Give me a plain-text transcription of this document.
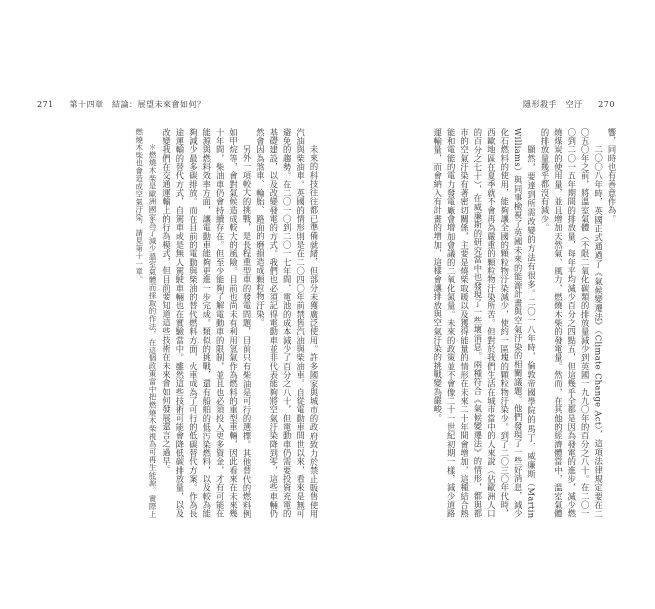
271 第十四章　結論：展望未來會如何？	隱形殺手　空汙 270

響，同時也有善意作為。

二〇〇八年時，英國正式通過了《氣候變遷法》（Climate Change Act），這項法律規定要在二〇五〇年之前，將溫室氣體（不限二氧化碳類的排放量減少到英國一九九〇年的百分之八十。在二〇一〇到二〇一五年期間的排放量，每年平均減少百分之四點五，但這幾乎全都是因為發電的進步，減少燃燒煤炭的使用量，並且增加天然氣、風力、燃燒木柴的發電量。然而，在其他的經濟體當中，溫室氣體的排放量幾乎都沒有減少。

顯然，要達到所需改變的方法有很多。二〇一八年時，倫敦帝國學院的馬丁．威廉斯（Martin Williams）與同事檢視了英國未來的能源計畫與空氣汙染的相關議題。他們發現了一些好消息，減少化石燃料的使用，能夠讓全國的顆粒物汙染減少，使約一區塊的顆粒物汙染少。到了二〇三〇年代時，西歐地區在夏季就不會再為嚴重的顆粒物汙染所苦。但對於我們生活在城市當中的人來說（佔歐洲人口的百分之七十），在威廉斯的研究當中也發現了一些壞消息。兩種符合《氣候變遷法》的情形，都與都市的空氣汙染有著密切關係，主要是燒柴取暖以及獲得能量的情形在未來二十年間會增加，這種結合熱能和電能的電力發電廠會增加會議的二氧化氮量。未來的政策並不會像二十一世紀初期一樣，減少道路運輸量，而會納入有計畫的增加，這樣會讓排放與空氣汙染的挑戰變為嚴峻。

未來的科技往往都已準備就緒，但部分未獲廣泛使用。許多國家與城市的政府致力於禁止販售使用汽油與柴油車。英國的情形則是在二〇四〇年前禁售汽油與柴油車。自從電動車問世以來，看來是無可避免的趨勢。在二〇一〇到二〇一七年間，電池的成本減少了百分之八十，但電動車仍需要投資充電的基礎建設，以及改變發電的方式。我們也必須記得電動車並非代表能夠將空氣汙染降到零，這些車輛仍然會因為煞車、輪胎、路面的磨損造成顆粒物汙染。

另外一項較大的挑戰，是長程重型車的發電問題，目前只有柴油是可行的選擇。其他替代的燃料例如甲烷等，會對氣候造成較大的風險。目前也尚未有利用氫氣作為燃料的重型車輛，因此看來在未來幾十年間，柴油車仍會持續存在。但至少能夠了解電動車的限制，並且也必須投入更多資金，才有可能在能源與燃料效率方面，讓電動車能夠更進一步完成。類似的挑戰，還有船舶的低污染燃料，以及較為能夠減少最多碳排放。而在目前的電動與柴油的替代燃料方面，火車成為了可行的低碳替代方案。作為長途運輸的替代方式，自駕車或是無人駕駛車輛也在實驗當中。雖然這些技術可能會降低碳排放量，以及改變我們在交通運輸上的行為模式，但目前要知道這些技術在未來會如何發展還言之過早。

＊燃燒木柴是歐洲國家為了減少溫室氣體而採取的作法，在這個政策當中把燃燒木柴視為可再生能源。實際上燃燒木柴也會造成空氣汙染，請見第十一章。
